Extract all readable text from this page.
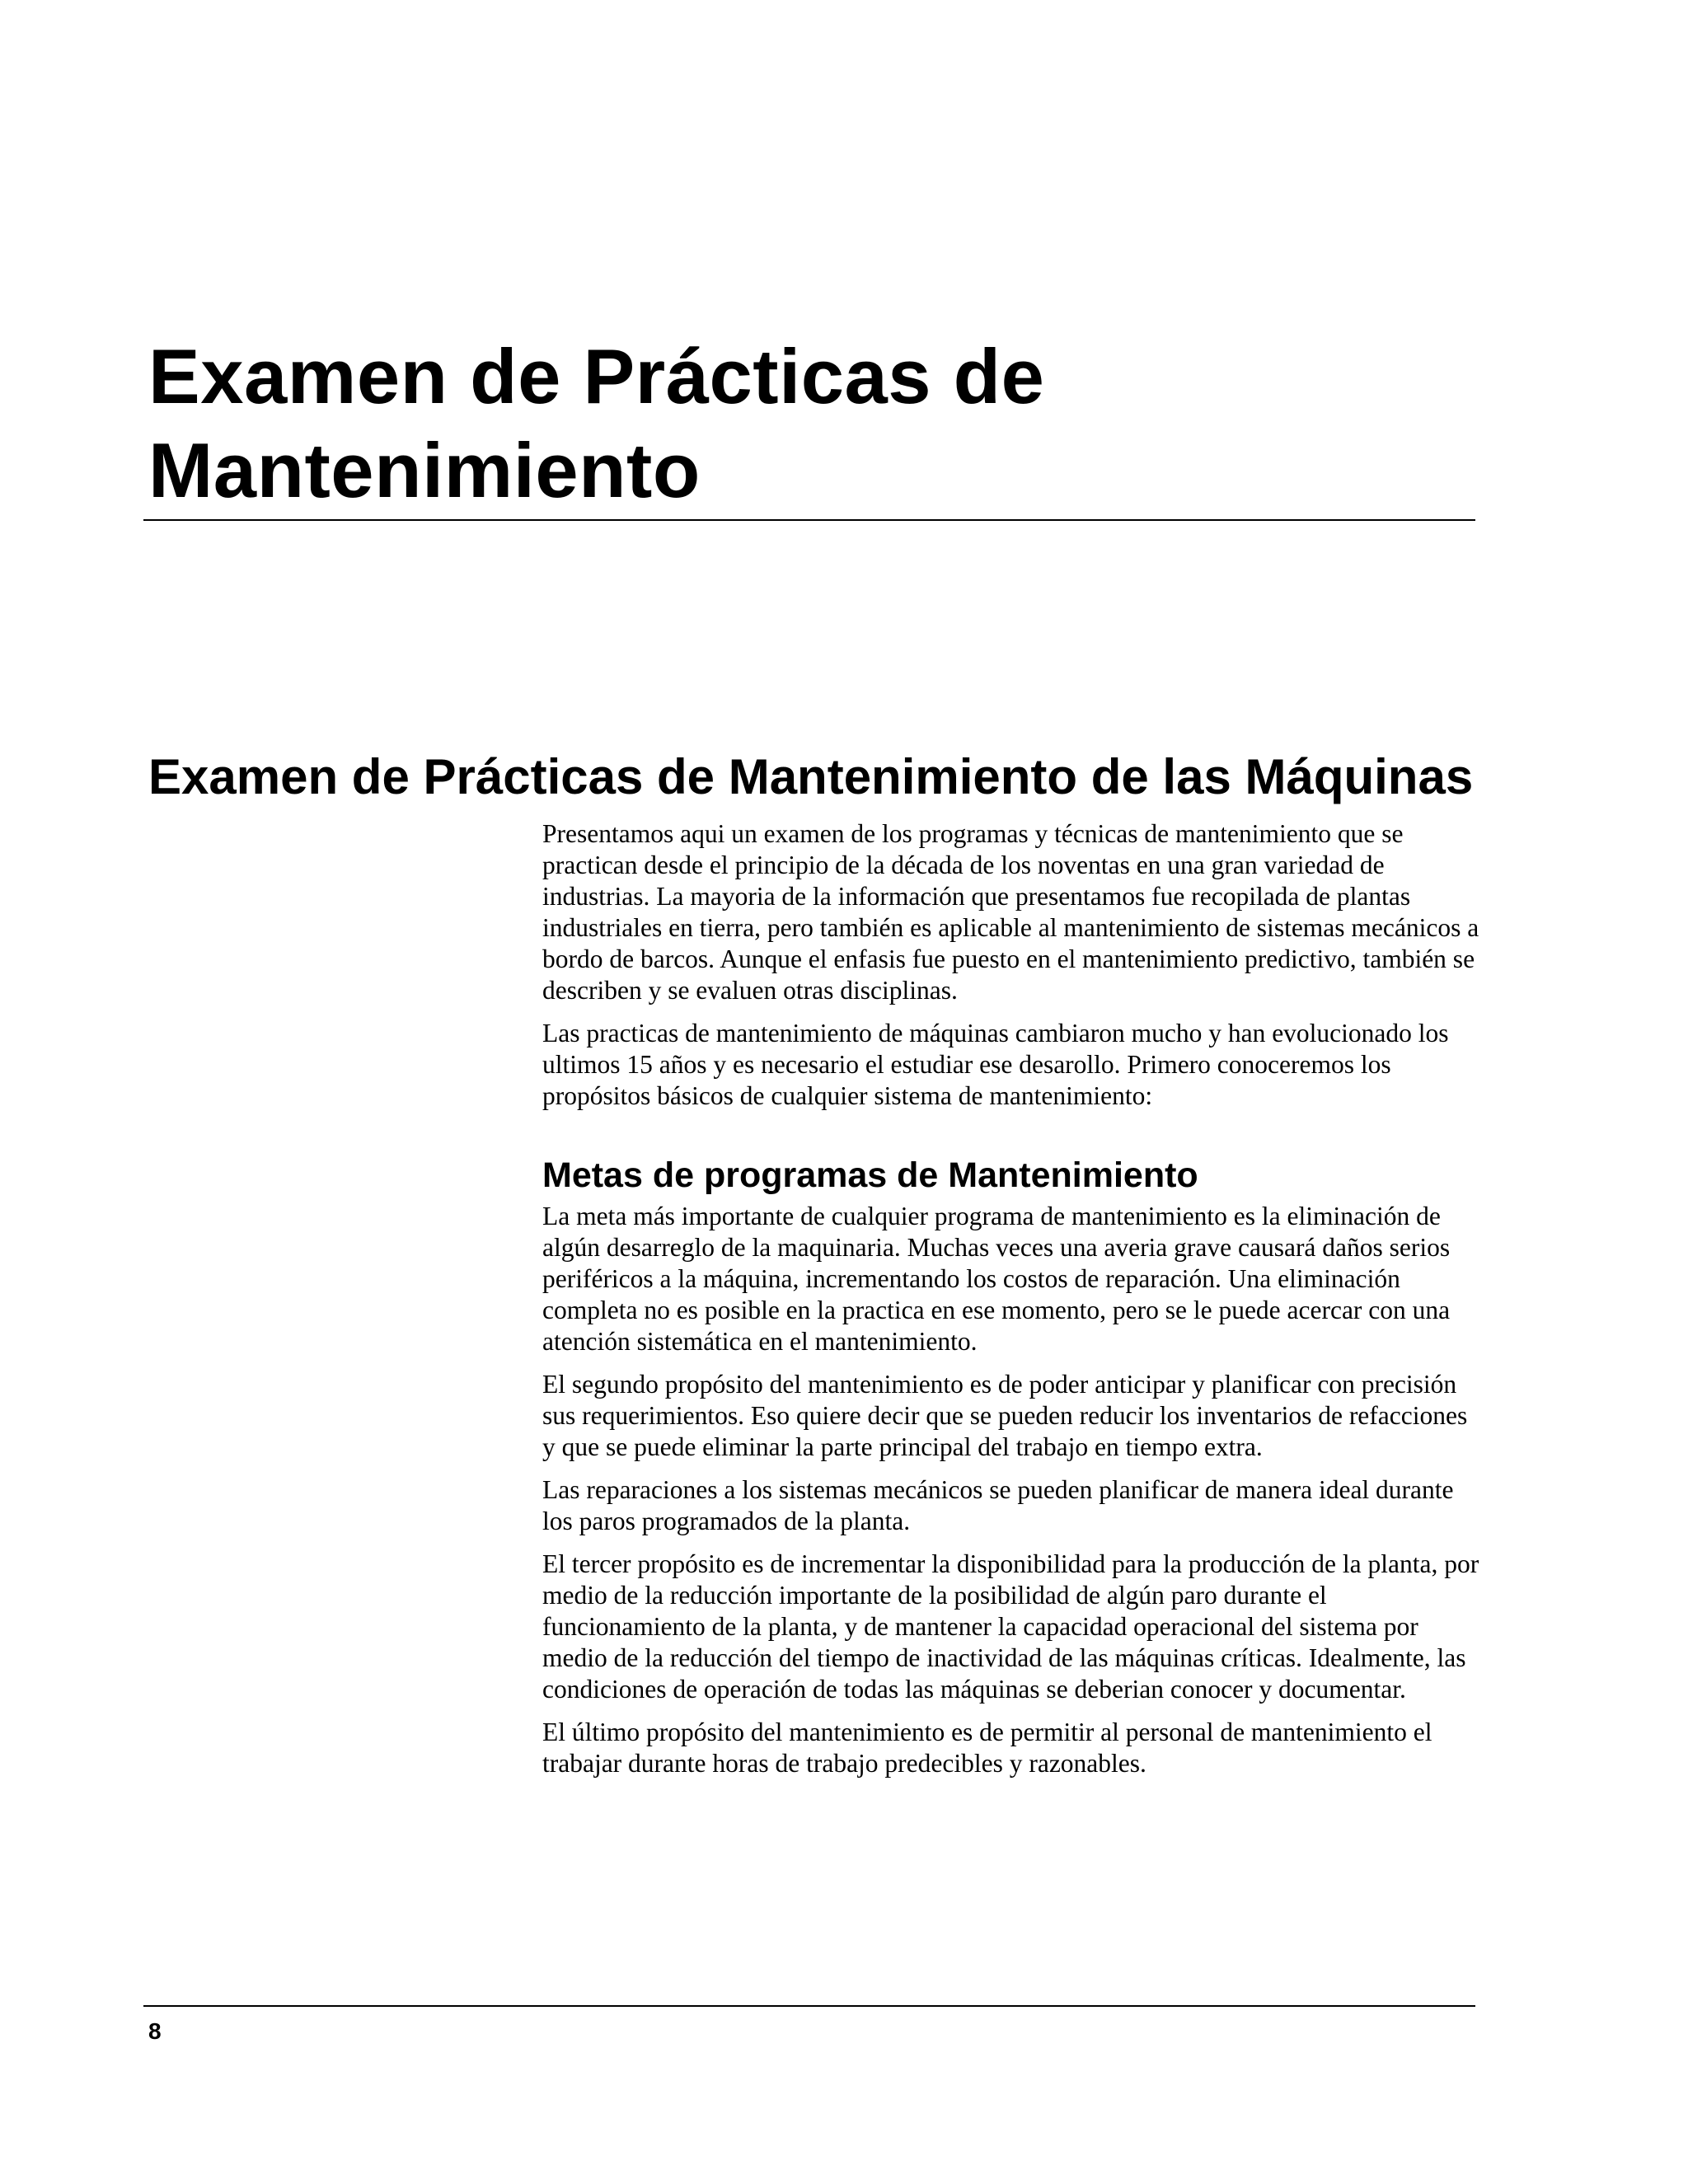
Examen de Prácticas de
Mantenimiento
Examen de Prácticas de Mantenimiento de las Máquinas

Presentamos aqui un examen de los programas y técnicas de mantenimiento que se practican desde el principio de la década de los noventas en una gran variedad de industrias. La mayoria de la información que presentamos fue recopilada de plantas industriales en tierra, pero también es aplicable al mantenimiento de sistemas mecánicos a bordo de barcos. Aunque el enfasis fue puesto en el mantenimiento predictivo, también se describen y se evaluen otras disciplinas.

Las practicas de mantenimiento de máquinas cambiaron mucho y han evolucionado los ultimos 15 años y es necesario el estudiar ese desarollo. Primero conoceremos los propósitos básicos de cualquier sistema de mantenimiento:

Metas de programas de Mantenimiento

La meta más importante de cualquier programa de mantenimiento es la eliminación de algún desarreglo de la maquinaria. Muchas veces una averia grave causará daños serios periféricos a la máquina, incrementando los costos de reparación. Una eliminación completa no es posible en la practica en ese momento, pero se le puede acercar con una atención sistemática en el mantenimiento.

El segundo propósito del mantenimiento es de poder anticipar y planificar con precisión sus requerimientos. Eso quiere decir que se pueden reducir los inventarios de refacciones y que se puede eliminar la parte principal del trabajo en tiempo extra.

Las reparaciones a los sistemas mecánicos se pueden planificar de manera ideal durante los paros programados de la planta.

El tercer propósito es de incrementar la disponibilidad para la producción de la planta, por medio de la reducción importante de la posibilidad de algún paro durante el funcionamiento de la planta, y de mantener la capacidad operacional del sistema por medio de la reducción del tiempo de inactividad de las máquinas críticas. Idealmente, las condiciones de operación de todas las máquinas se deberian conocer y documentar.

El último propósito del mantenimiento es de permitir al personal de mantenimiento el trabajar durante horas de trabajo predecibles y razonables.

8
